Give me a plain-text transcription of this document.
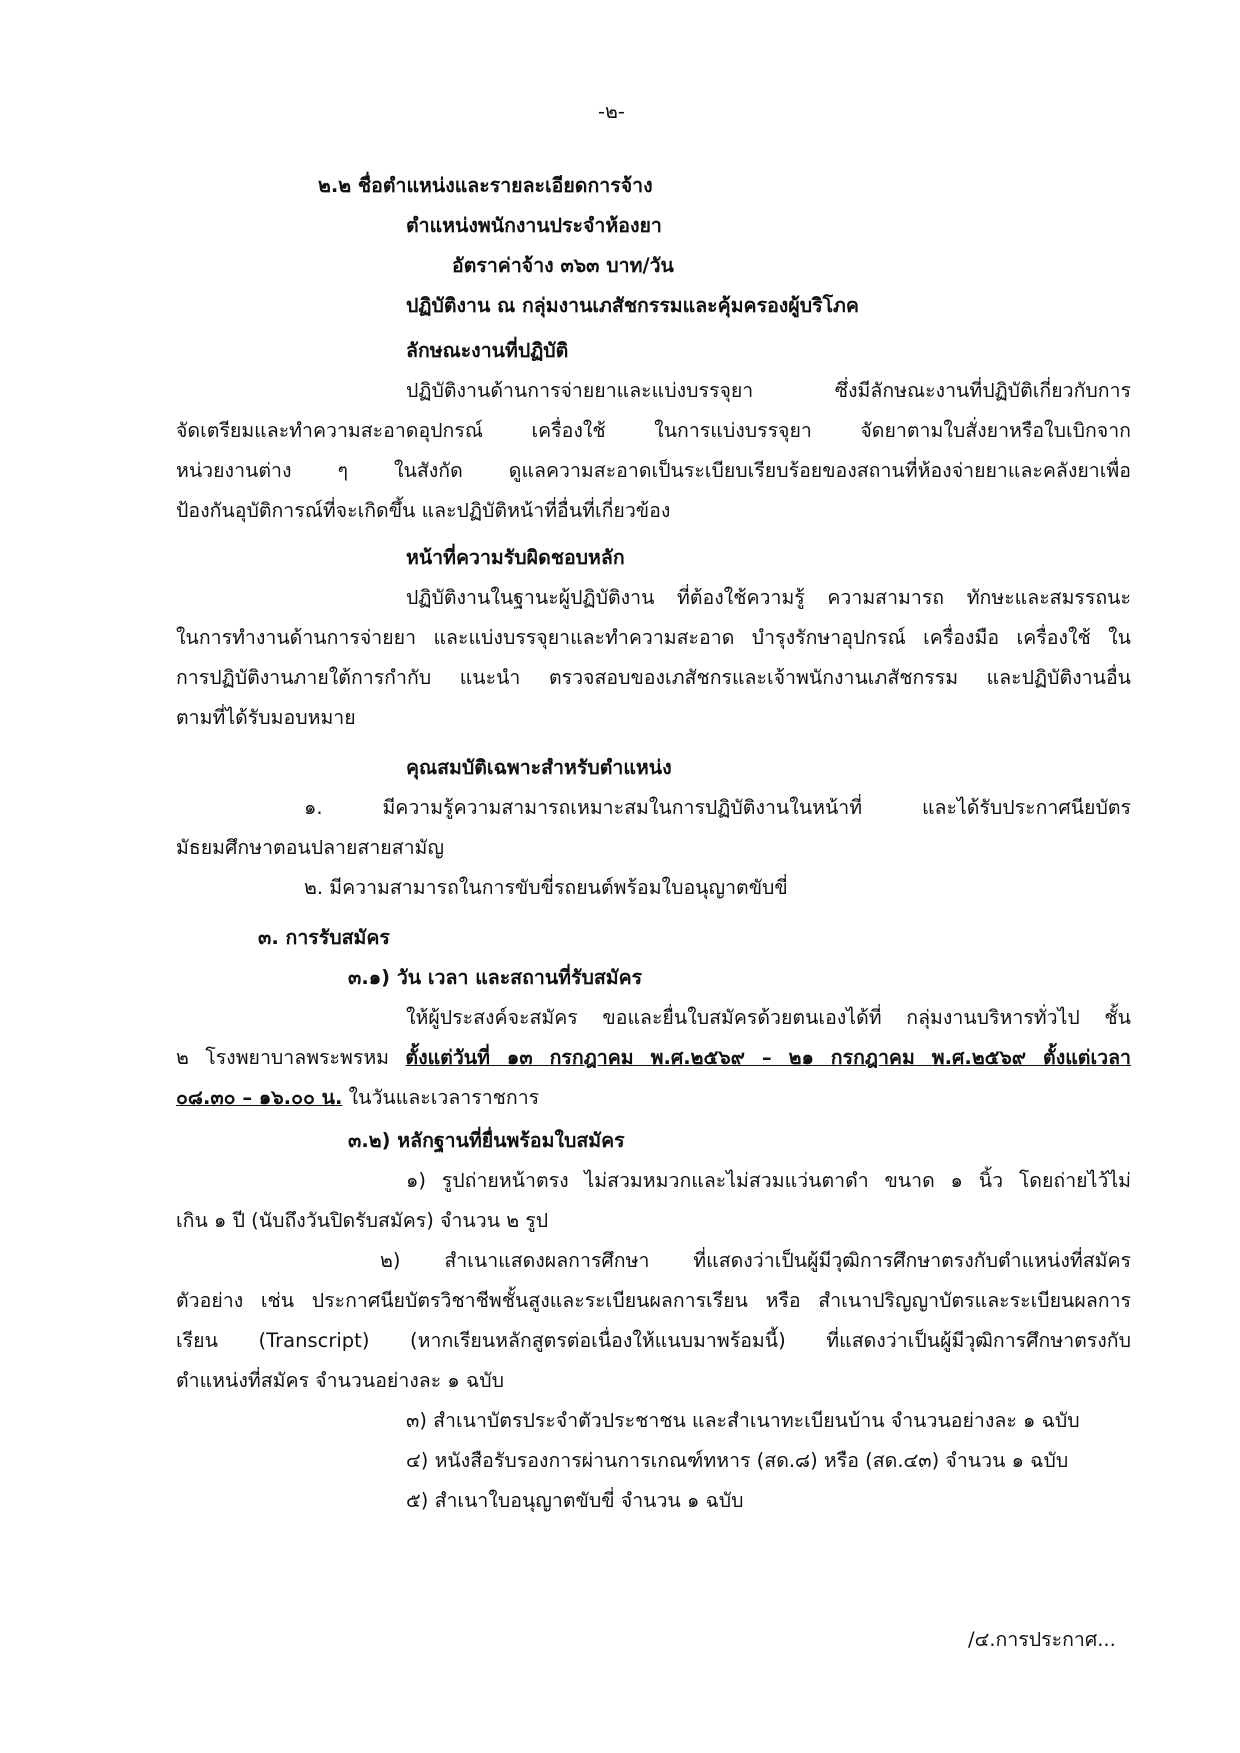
-๒-
๒.๒ ชื่อตำแหน่งและรายละเอียดการจ้าง
ตำแหน่งพนักงานประจำห้องยา
อัตราค่าจ้าง ๓๖๓ บาท/วัน
ปฏิบัติงาน ณ กลุ่มงานเภสัชกรรมและคุ้มครองผู้บริโภค
ลักษณะงานที่ปฏิบัติ
ปฏิบัติงานด้านการจ่ายยาและแบ่งบรรจุยา ซึ่งมีลักษณะงานที่ปฏิบัติเกี่ยวกับการ
จัดเตรียมและทำความสะอาดอุปกรณ์ เครื่องใช้ ในการแบ่งบรรจุยา จัดยาตามใบสั่งยาหรือใบเบิกจาก
หน่วยงานต่าง ๆ ในสังกัด ดูแลความสะอาดเป็นระเบียบเรียบร้อยของสถานที่ห้องจ่ายยาและคลังยาเพื่อ
ป้องกันอุบัติการณ์ที่จะเกิดขึ้น และปฏิบัติหน้าที่อื่นที่เกี่ยวข้อง
หน้าที่ความรับผิดชอบหลัก
ปฏิบัติงานในฐานะผู้ปฏิบัติงาน ที่ต้องใช้ความรู้ ความสามารถ ทักษะและสมรรถนะ
ในการทำงานด้านการจ่ายยา และแบ่งบรรจุยาและทำความสะอาด บำรุงรักษาอุปกรณ์ เครื่องมือ เครื่องใช้ ใน
การปฏิบัติงานภายใต้การกำกับ แนะนำ ตรวจสอบของเภสัชกรและเจ้าพนักงานเภสัชกรรม และปฏิบัติงานอื่น
ตามที่ได้รับมอบหมาย
คุณสมบัติเฉพาะสำหรับตำแหน่ง
๑. มีความรู้ความสามารถเหมาะสมในการปฏิบัติงานในหน้าที่ และได้รับประกาศนียบัตร
มัธยมศึกษาตอนปลายสายสามัญ
๒. มีความสามารถในการขับขี่รถยนต์พร้อมใบอนุญาตขับขี่
๓. การรับสมัคร
๓.๑) วัน เวลา และสถานที่รับสมัคร
ให้ผู้ประสงค์จะสมัคร ขอและยื่นใบสมัครด้วยตนเองได้ที่ กลุ่มงานบริหารทั่วไป ชั้น
๒ โรงพยาบาลพระพรหม ตั้งแต่วันที่ ๑๓ กรกฎาคม พ.ศ.๒๕๖๙ – ๒๑ กรกฎาคม พ.ศ.๒๕๖๙ ตั้งแต่เวลา
๐๘.๓๐ – ๑๖.๐๐ น. ในวันและเวลาราชการ
๓.๒) หลักฐานที่ยื่นพร้อมใบสมัคร
๑) รูปถ่ายหน้าตรง ไม่สวมหมวกและไม่สวมแว่นตาดำ ขนาด ๑ นิ้ว โดยถ่ายไว้ไม่
เกิน ๑ ปี (นับถึงวันปิดรับสมัคร) จำนวน ๒ รูป
๒) สำเนาแสดงผลการศึกษา ที่แสดงว่าเป็นผู้มีวุฒิการศึกษาตรงกับตำแหน่งที่สมัคร
ตัวอย่าง เช่น ประกาศนียบัตรวิชาชีพชั้นสูงและระเบียนผลการเรียน หรือ สำเนาปริญญาบัตรและระเบียนผลการ
เรียน (Transcript) (หากเรียนหลักสูตรต่อเนื่องให้แนบมาพร้อมนี้) ที่แสดงว่าเป็นผู้มีวุฒิการศึกษาตรงกับ
ตำแหน่งที่สมัคร จำนวนอย่างละ ๑ ฉบับ
๓) สำเนาบัตรประจำตัวประชาชน และสำเนาทะเบียนบ้าน จำนวนอย่างละ ๑ ฉบับ
๔) หนังสือรับรองการผ่านการเกณฑ์ทหาร (สด.๘) หรือ (สด.๔๓) จำนวน ๑ ฉบับ
๕) สำเนาใบอนุญาตขับขี่ จำนวน ๑ ฉบับ
/๔.การประกาศ...
